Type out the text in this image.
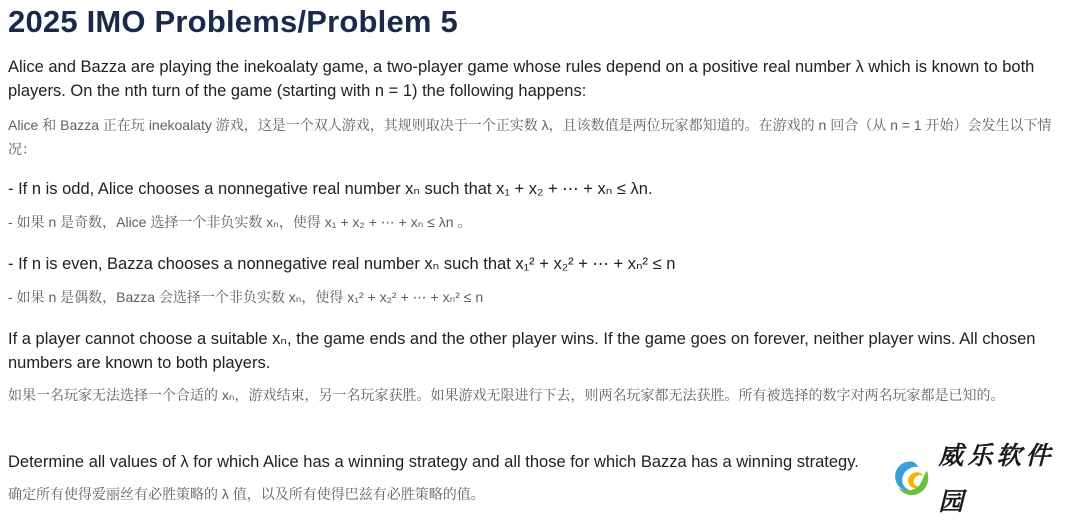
2025 IMO Problems/Problem 5

Alice and Bazza are playing the inekoalaty game, a two-player game whose rules depend on a positive real number λ which is known to both players. On the nth turn of the game (starting with n = 1) the following happens:

Alice 和 Bazza 正在玩 inekoalaty 游戏，这是一个双人游戏，其规则取决于一个正实数 λ，且该数值是两位玩家都知道的。在游戏的 n 回合（从 n = 1 开始）会发生以下情况：

- If n is odd, Alice chooses a nonnegative real number xₙ such that x₁ + x₂ + ⋯ + xₙ ≤ λn.

- 如果 n 是奇数，Alice 选择一个非负实数 xₙ，使得 x₁ + x₂ + ⋯ + xₙ ≤ λn 。

- If n is even, Bazza chooses a nonnegative real number xₙ such that x₁² + x₂² + ⋯ + xₙ² ≤ n

- 如果 n 是偶数，Bazza 会选择一个非负实数 xₙ，使得 x₁² + x₂² + ⋯ + xₙ² ≤ n

If a player cannot choose a suitable xₙ, the game ends and the other player wins. If the game goes on forever, neither player wins. All chosen numbers are known to both players.

如果一名玩家无法选择一个合适的 xₙ，游戏结束，另一名玩家获胜。如果游戏无限进行下去，则两名玩家都无法获胜。所有被选择的数字对两名玩家都是已知的。

Determine all values of λ for which Alice has a winning strategy and all those for which Bazza has a winning strategy.

确定所有使得爱丽丝有必胜策略的 λ 值，以及所有使得巴兹有必胜策略的值。

威乐软件园
